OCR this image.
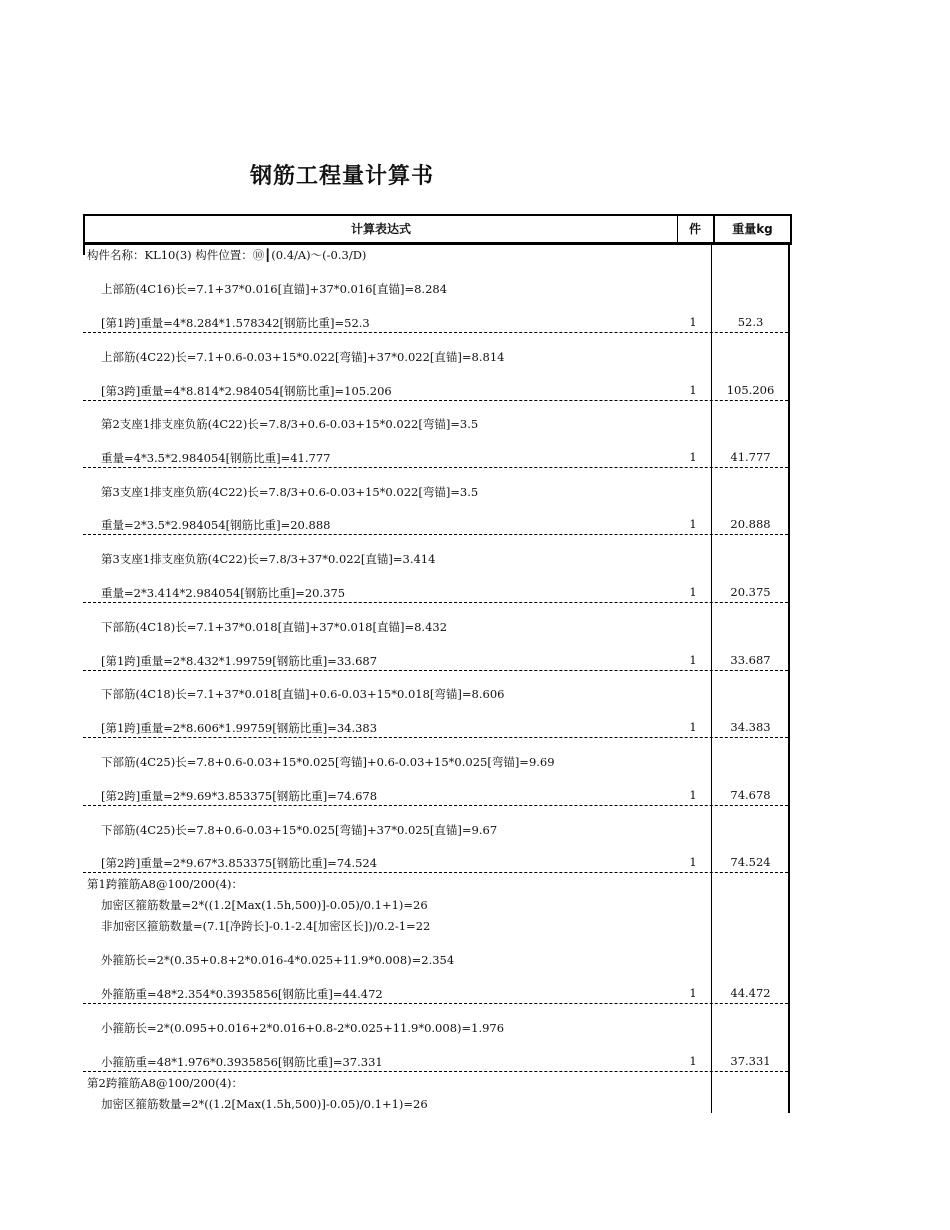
钢筋工程量计算书
计算表达式	件	重量kg
构件名称：KL10(3) 构件位置：⑩┃(0.4/A)～(-0.3/D)
上部筋(4C16)长=7.1+37*0.016[直锚]+37*0.016[直锚]=8.284
[第1跨]重量=4*8.284*1.578342[钢筋比重]=52.3	1	52.3
上部筋(4C22)长=7.1+0.6-0.03+15*0.022[弯锚]+37*0.022[直锚]=8.814
[第3跨]重量=4*8.814*2.984054[钢筋比重]=105.206	1	105.206
第2支座1排支座负筋(4C22)长=7.8/3+0.6-0.03+15*0.022[弯锚]=3.5
重量=4*3.5*2.984054[钢筋比重]=41.777	1	41.777
第3支座1排支座负筋(4C22)长=7.8/3+0.6-0.03+15*0.022[弯锚]=3.5
重量=2*3.5*2.984054[钢筋比重]=20.888	1	20.888
第3支座1排支座负筋(4C22)长=7.8/3+37*0.022[直锚]=3.414
重量=2*3.414*2.984054[钢筋比重]=20.375	1	20.375
下部筋(4C18)长=7.1+37*0.018[直锚]+37*0.018[直锚]=8.432
[第1跨]重量=2*8.432*1.99759[钢筋比重]=33.687	1	33.687
下部筋(4C18)长=7.1+37*0.018[直锚]+0.6-0.03+15*0.018[弯锚]=8.606
[第1跨]重量=2*8.606*1.99759[钢筋比重]=34.383	1	34.383
下部筋(4C25)长=7.8+0.6-0.03+15*0.025[弯锚]+0.6-0.03+15*0.025[弯锚]=9.69
[第2跨]重量=2*9.69*3.853375[钢筋比重]=74.678	1	74.678
下部筋(4C25)长=7.8+0.6-0.03+15*0.025[弯锚]+37*0.025[直锚]=9.67
[第2跨]重量=2*9.67*3.853375[钢筋比重]=74.524	1	74.524
第1跨箍筋A8@100/200(4)：
加密区箍筋数量=2*((1.2[Max(1.5h,500)]-0.05)/0.1+1)=26
非加密区箍筋数量=(7.1[净跨长]-0.1-2.4[加密区长])/0.2-1=22
外箍筋长=2*(0.35+0.8+2*0.016-4*0.025+11.9*0.008)=2.354
外箍筋重=48*2.354*0.3935856[钢筋比重]=44.472	1	44.472
小箍筋长=2*(0.095+0.016+2*0.016+0.8-2*0.025+11.9*0.008)=1.976
小箍筋重=48*1.976*0.3935856[钢筋比重]=37.331	1	37.331
第2跨箍筋A8@100/200(4)：
加密区箍筋数量=2*((1.2[Max(1.5h,500)]-0.05)/0.1+1)=26
